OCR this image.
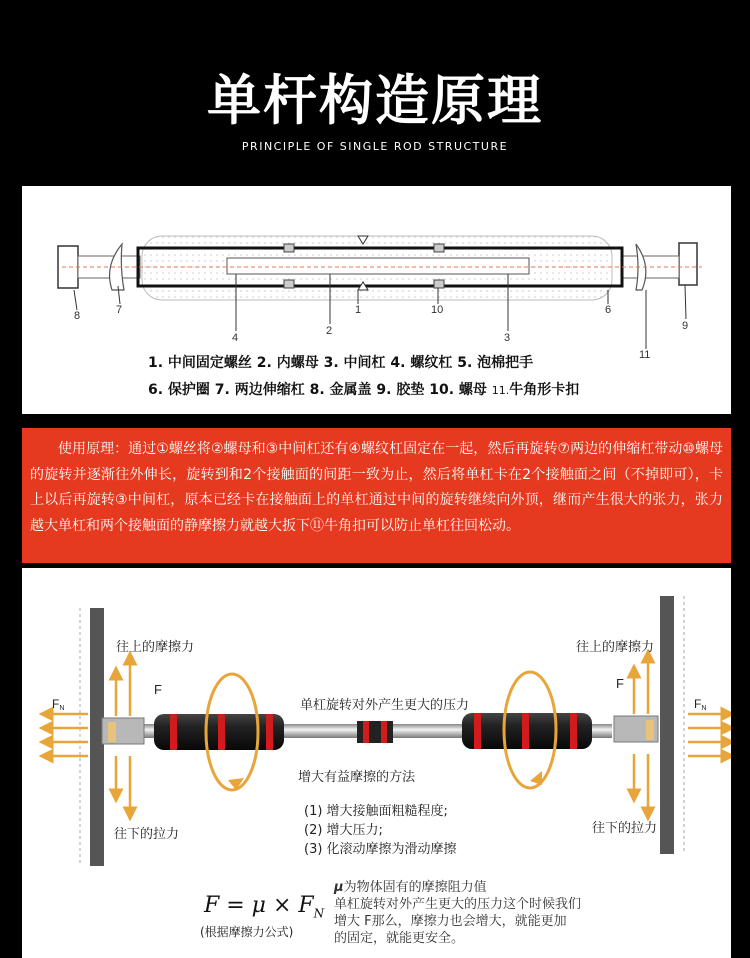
单杆构造原理
PRINCIPLE OF SINGLE ROD STRUCTURE
8	7
4
2
1	10
3
6
9
11
1. 中间固定螺丝 2. 内螺母 3. 中间杠 4. 螺纹杠 5. 泡棉把手
6. 保护圈 7. 两边伸缩杠 8. 金属盖 9. 胶垫 10. 螺母 11.牛角形卡扣

使用原理：通过①螺丝将②螺母和③中间杠还有④螺纹杠固定在一起，然后再旋转⑦两边的伸缩杠带动⑩螺母的旋转并逐渐往外伸长，旋转到和2个接触面的间距一致为止，然后将单杠卡在2个接触面之间（不掉即可），卡上以后再旋转③中间杠，原本已经卡在接触面上的单杠通过中间的旋转继续向外顶，继而产生很大的张力，张力越大单杠和两个接触面的静摩擦力就越大扳下⑪牛角扣可以防止单杠往回松动。

F	F
FN	FN
往上的摩擦力	往上的摩擦力
往下的拉力	往下的拉力
单杠旋转对外产生更大的压力
增大有益摩擦的方法
(1) 增大接触面粗糙程度;
(2) 增大压力;
(3) 化滚动摩擦为滑动摩擦
$F = \mu \times F_N$
(根据摩擦力公式)
μ为物体固有的摩擦阻力值
单杠旋转对外产生更大的压力这个时候我们
增大 F那么，摩擦力也会增大，就能更加
的固定，就能更安全。
